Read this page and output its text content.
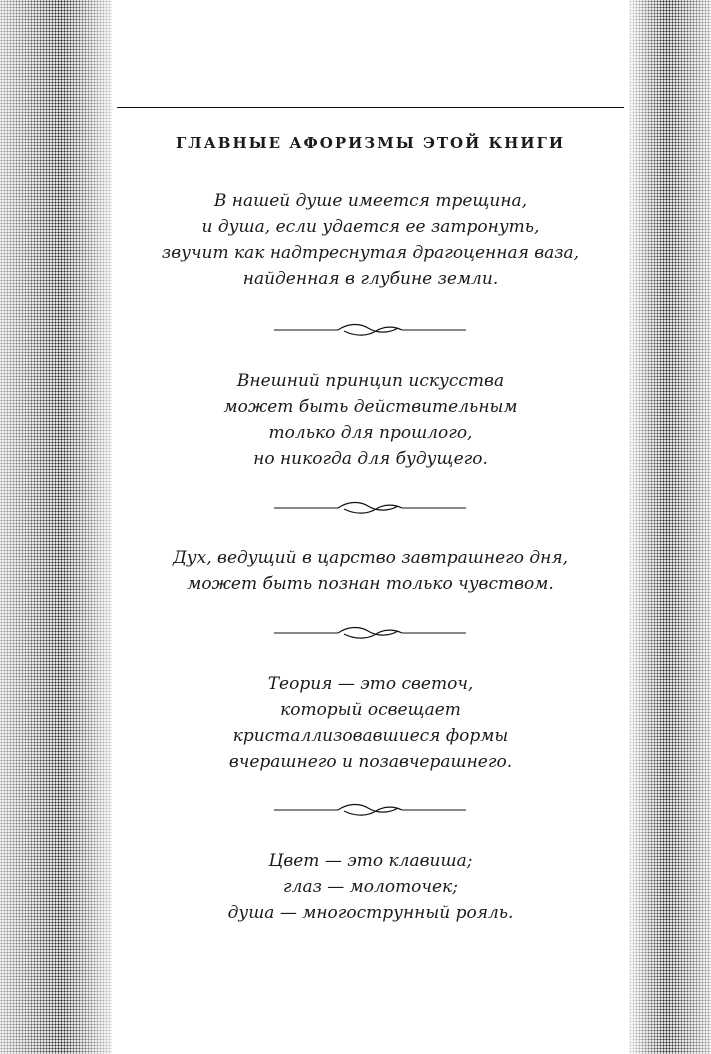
ГЛАВНЫЕ АФОРИЗМЫ ЭТОЙ КНИГИ

В нашей душе имеется трещина,
и душа, если удается ее затронуть,
звучит как надтреснутая драгоценная ваза,
найденная в глубине земли.

Внешний принцип искусства
может быть действительным
только для прошлого,
но никогда для будущего.

Дух, ведущий в царство завтрашнего дня,
может быть познан только чувством.

Теория — это светоч,
который освещает
кристаллизовавшиеся формы
вчерашнего и позавчерашнего.

Цвет — это клавиша;
глаз — молоточек;
душа — многострунный рояль.
